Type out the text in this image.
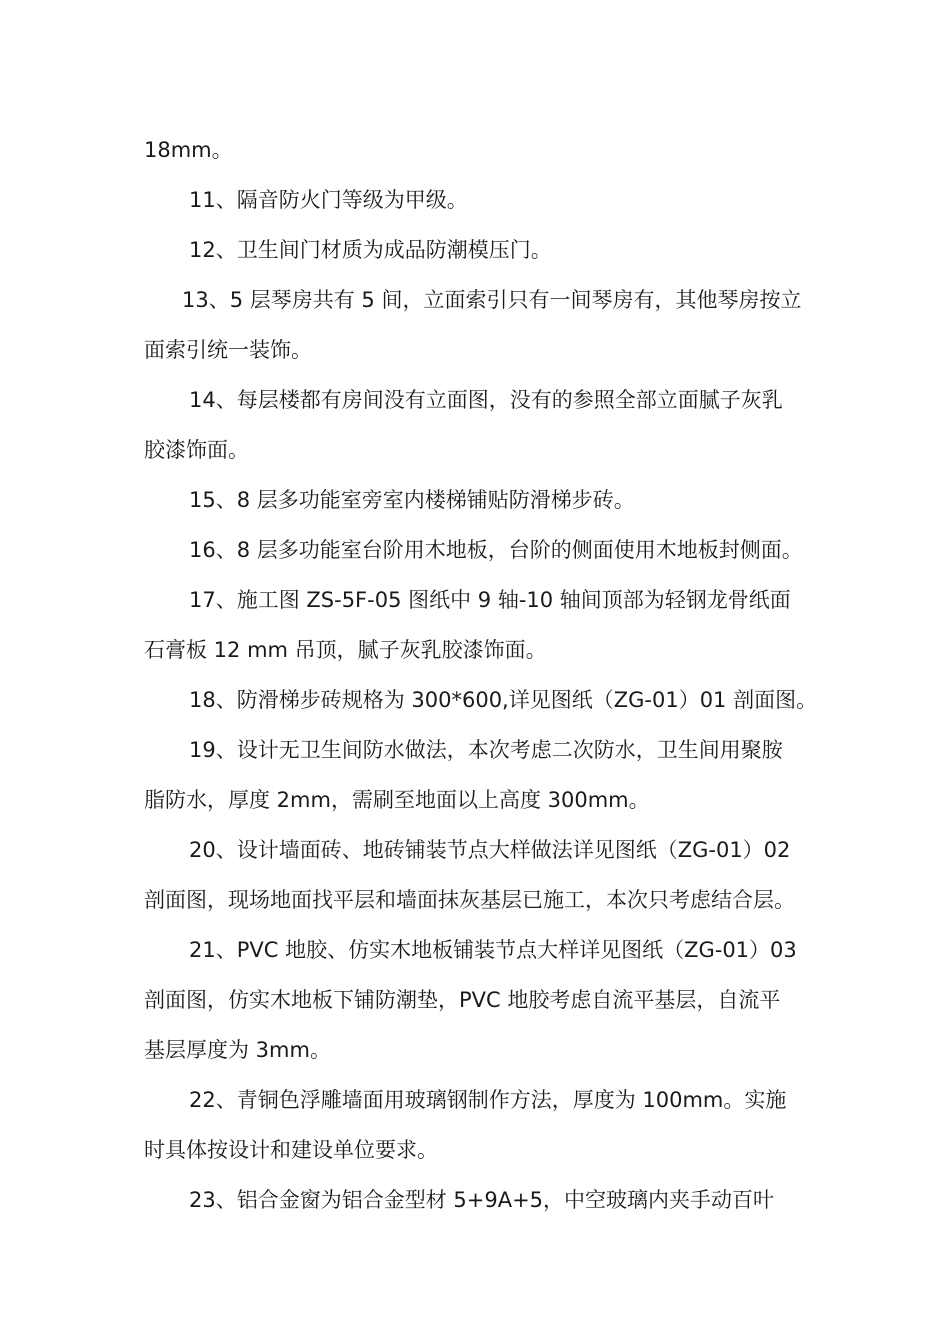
18mm。
11、隔音防火门等级为甲级。
12、卫生间门材质为成品防潮模压门。
13、5 层琴房共有 5 间，立面索引只有一间琴房有，其他琴房按立
面索引统一装饰。
14、每层楼都有房间没有立面图，没有的参照全部立面腻子灰乳
胶漆饰面。
15、8 层多功能室旁室内楼梯铺贴防滑梯步砖。
16、8 层多功能室台阶用木地板，台阶的侧面使用木地板封侧面。
17、施工图 ZS-5F-05 图纸中 9 轴-10 轴间顶部为轻钢龙骨纸面
石膏板 12 mm 吊顶，腻子灰乳胶漆饰面。
18、防滑梯步砖规格为 300*600,详见图纸（ZG-01）01 剖面图。
19、设计无卫生间防水做法，本次考虑二次防水，卫生间用聚胺
脂防水，厚度 2mm，需刷至地面以上高度 300mm。
20、设计墙面砖、地砖铺装节点大样做法详见图纸（ZG-01）02
剖面图，现场地面找平层和墙面抹灰基层已施工，本次只考虑结合层。
21、PVC 地胶、仿实木地板铺装节点大样详见图纸（ZG-01）03
剖面图，仿实木地板下铺防潮垫，PVC 地胶考虑自流平基层，自流平
基层厚度为 3mm。
22、青铜色浮雕墙面用玻璃钢制作方法，厚度为 100mm。实施
时具体按设计和建设单位要求。
23、铝合金窗为铝合金型材 5+9A+5，中空玻璃内夹手动百叶
